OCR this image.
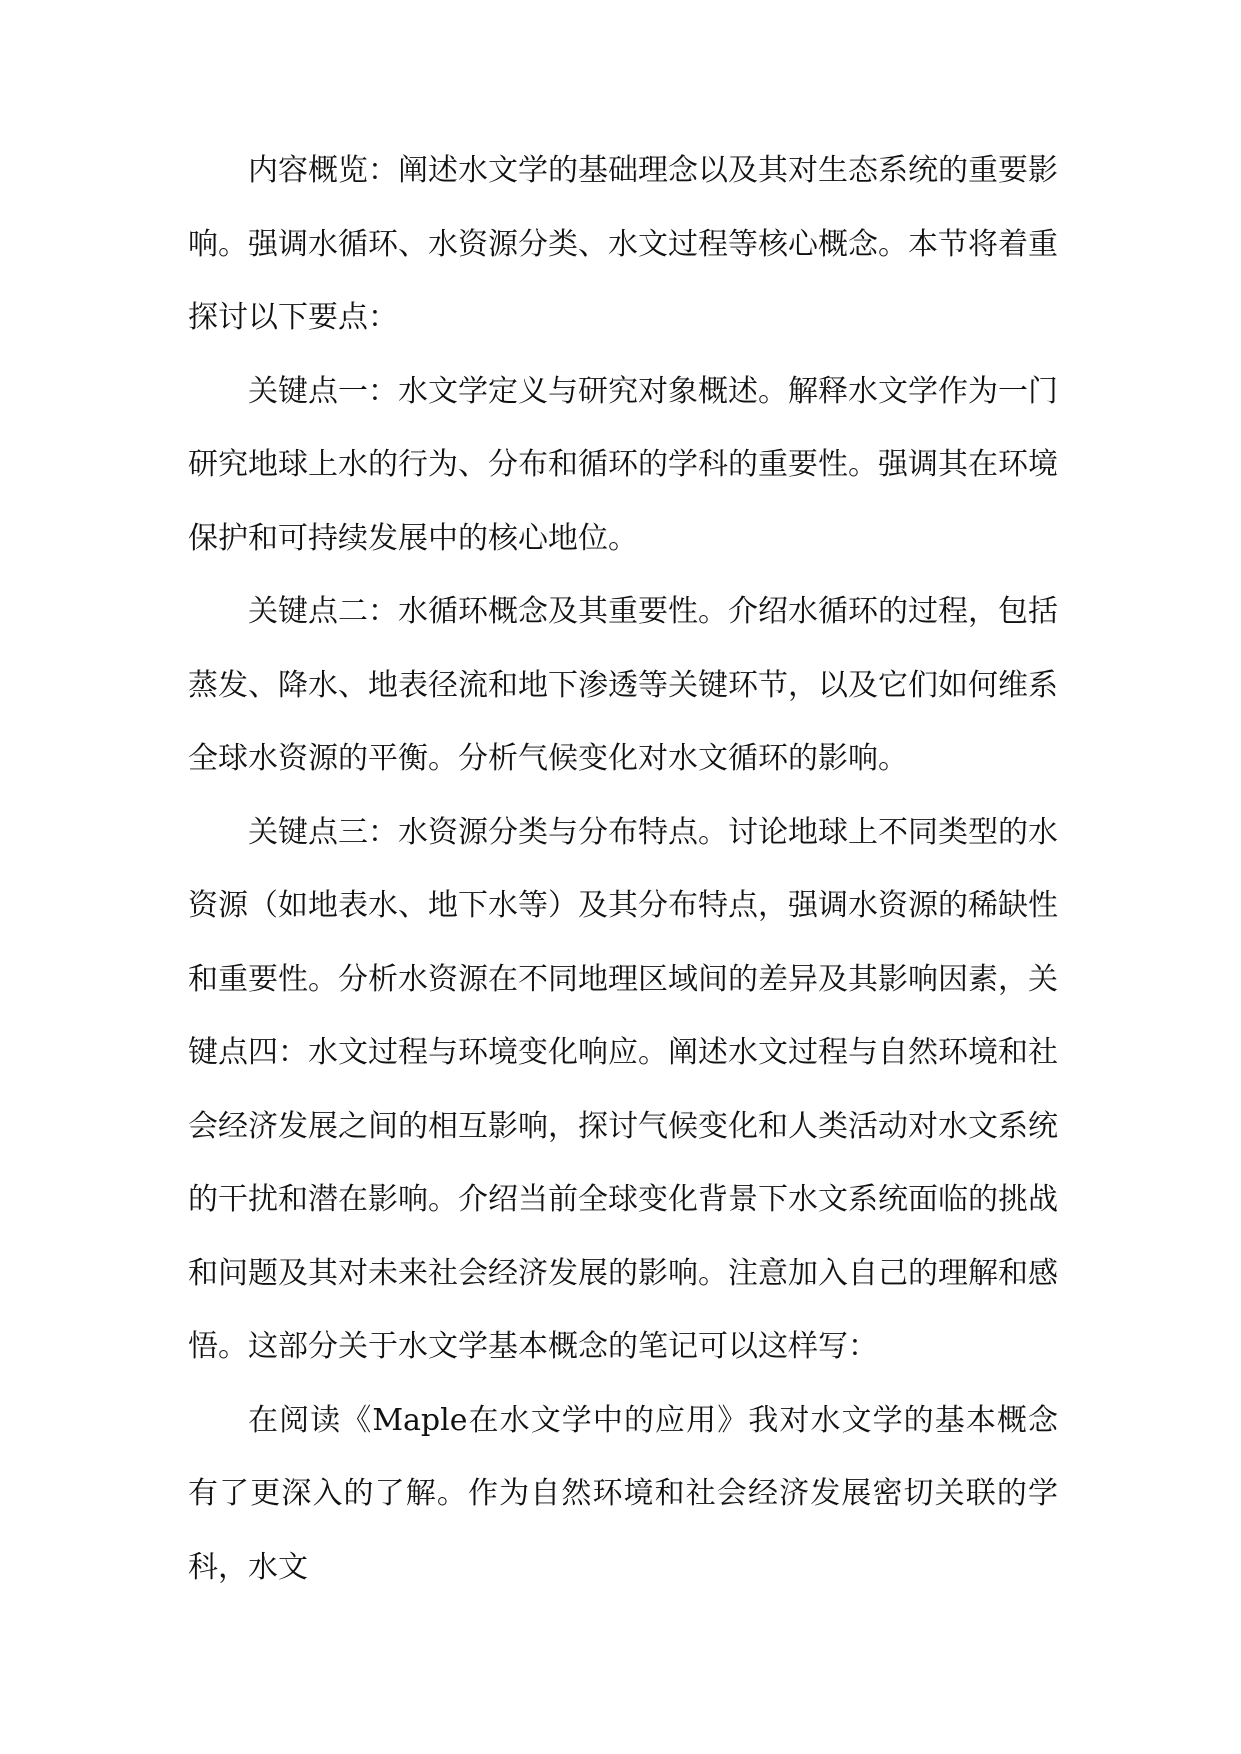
内容概览：阐述水文学的基础理念以及其对生态系统的重要影响。强调水循环、水资源分类、水文过程等核心概念。本节将着重探讨以下要点：

关键点一：水文学定义与研究对象概述。解释水文学作为一门研究地球上水的行为、分布和循环的学科的重要性。强调其在环境保护和可持续发展中的核心地位。

关键点二：水循环概念及其重要性。介绍水循环的过程，包括蒸发、降水、地表径流和地下渗透等关键环节，以及它们如何维系全球水资源的平衡。分析气候变化对水文循环的影响。

关键点三：水资源分类与分布特点。讨论地球上不同类型的水资源（如地表水、地下水等）及其分布特点，强调水资源的稀缺性和重要性。分析水资源在不同地理区域间的差异及其影响因素，关键点四：水文过程与环境变化响应。阐述水文过程与自然环境和社会经济发展之间的相互影响，探讨气候变化和人类活动对水文系统的干扰和潜在影响。介绍当前全球变化背景下水文系统面临的挑战和问题及其对未来社会经济发展的影响。注意加入自己的理解和感悟。这部分关于水文学基本概念的笔记可以这样写：

在阅读《Maple在水文学中的应用》我对水文学的基本概念有了更深入的了解。作为自然环境和社会经济发展密切关联的学科，水文
